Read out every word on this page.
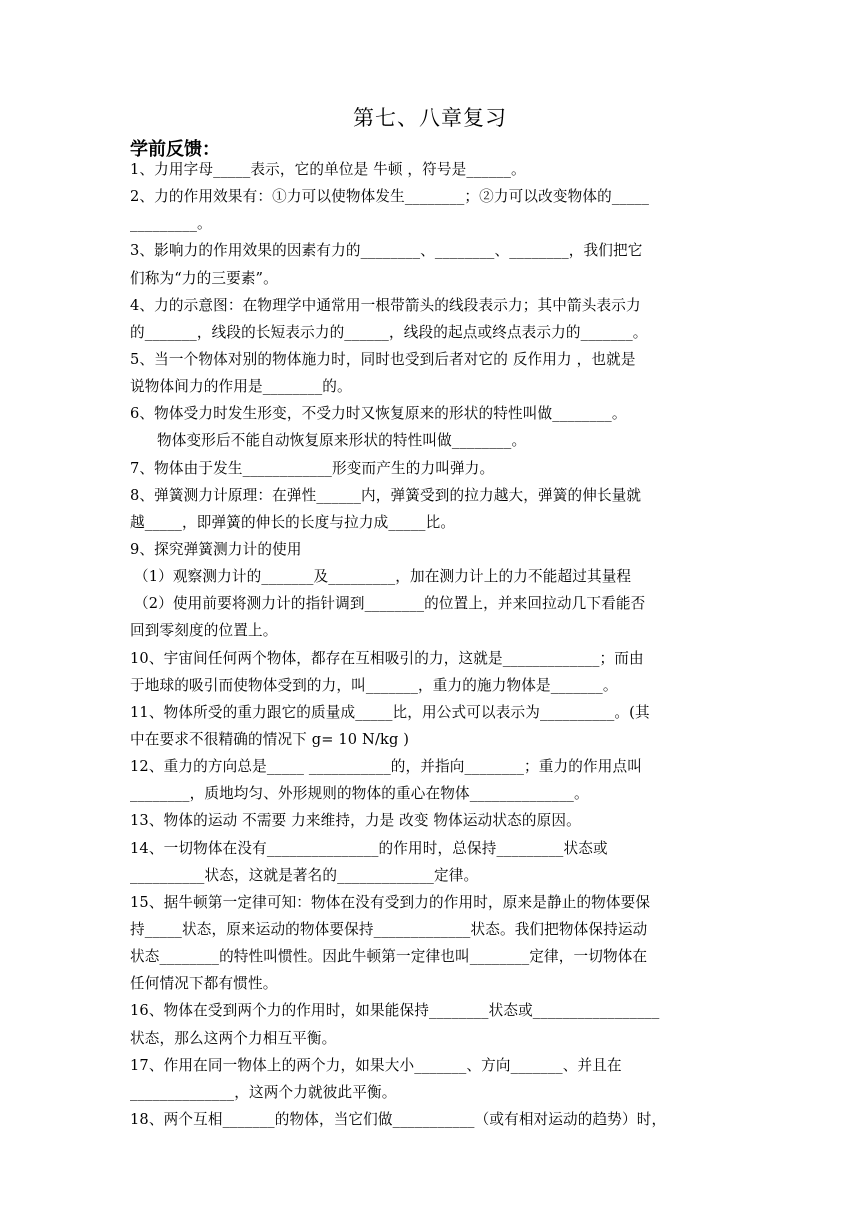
第七、八章复习
学前反馈：
1、力用字母_____表示，它的单位是 牛顿 ，符号是______。
2、力的作用效果有：①力可以使物体发生________；②力可以改变物体的_____
_________。
3、影响力的作用效果的因素有力的________、________、________，我们把它
们称为“力的三要素”。
4、力的示意图：在物理学中通常用一根带箭头的线段表示力；其中箭头表示力
的_______，线段的长短表示力的______，线段的起点或终点表示力的_______。
5、当一个物体对别的物体施力时，同时也受到后者对它的 反作用力 ，也就是
说物体间力的作用是________的。
6、物体受力时发生形变，不受力时又恢复原来的形状的特性叫做________。
物体变形后不能自动恢复原来形状的特性叫做________。
7、物体由于发生____________形变而产生的力叫弹力。
8、弹簧测力计原理：在弹性______内，弹簧受到的拉力越大，弹簧的伸长量就
越_____，即弹簧的伸长的长度与拉力成_____比。
9、探究弹簧测力计的使用
（1）观察测力计的_______及_________，加在测力计上的力不能超过其量程
（2）使用前要将测力计的指针调到________的位置上，并来回拉动几下看能否
回到零刻度的位置上。
10、宇宙间任何两个物体，都存在互相吸引的力，这就是_____________；而由
于地球的吸引而使物体受到的力，叫_______，重力的施力物体是_______。
11、物体所受的重力跟它的质量成_____比，用公式可以表示为__________。(其
中在要求不很精确的情况下 g= 10 N/kg )
12、重力的方向总是_____ ___________的，并指向________；重力的作用点叫
________，质地均匀、外形规则的物体的重心在物体______________。
13、物体的运动 不需要 力来维持，力是 改变 物体运动状态的原因。
14、一切物体在没有_______________的作用时，总保持_________状态或
__________状态，这就是著名的_____________定律。
15、据牛顿第一定律可知：物体在没有受到力的作用时，原来是静止的物体要保
持_____状态，原来运动的物体要保持_____________状态。我们把物体保持运动
状态________的特性叫惯性。因此牛顿第一定律也叫________定律，一切物体在
任何情况下都有惯性。
16、物体在受到两个力的作用时，如果能保持________状态或_________________
状态，那么这两个力相互平衡。
17、作用在同一物体上的两个力，如果大小_______、方向_______、并且在
______________，这两个力就彼此平衡。
18、两个互相_______的物体，当它们做___________（或有相对运动的趋势）时，
